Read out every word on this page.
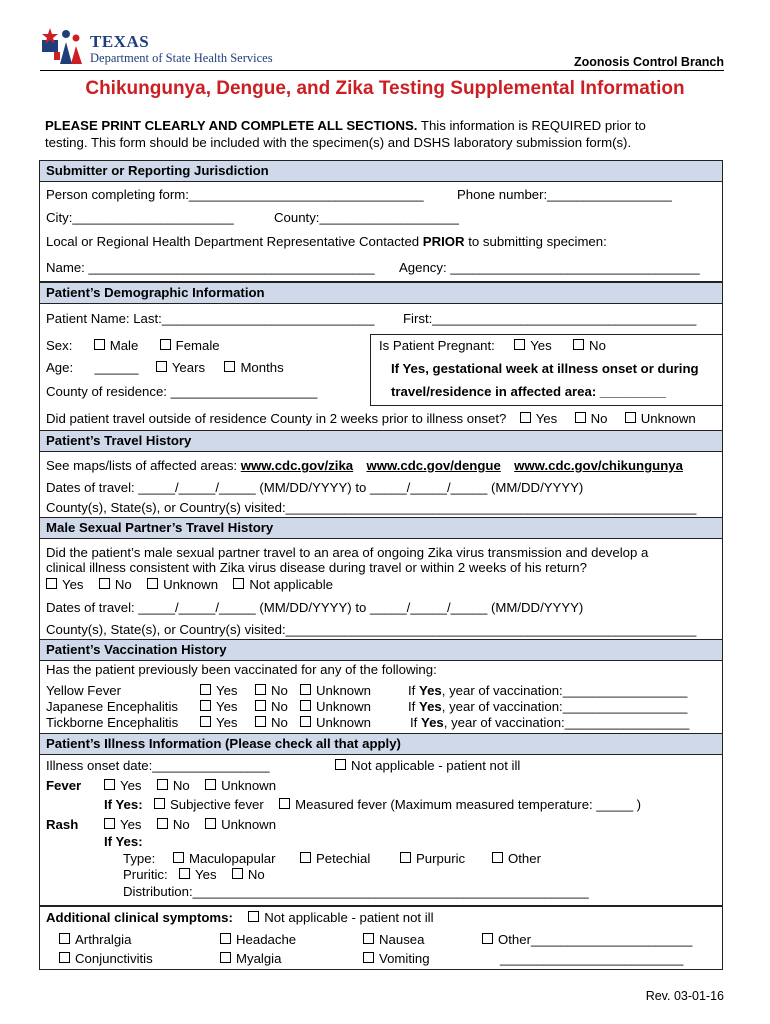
TEXAS
Department of State Health Services	Zoonosis Control Branch
Chikungunya, Dengue, and Zika Testing Supplemental Information
PLEASE PRINT CLEARLY AND COMPLETE ALL SECTIONS. This information is REQUIRED prior to
testing. This form should be included with the specimen(s) and DSHS laboratory submission form(s).
Submitter or Reporting Jurisdiction
Person completing form:________________________________	Phone number:_________________
City:______________________	County:___________________
Local or Regional Health Department Representative Contacted PRIOR to submitting specimen:
Name: _______________________________________ Agency: __________________________________
Patient’s Demographic Information
Patient Name: Last:_____________________________ First:____________________________________
Sex:	Male	Female
Age: ______	Years	Months
County of residence: ____________________
Is Patient Pregnant:	Yes	No
If Yes, gestational week at illness onset or during
travel/residence in affected area: _________
Did patient travel outside of residence County in 2 weeks prior to illness onset? Yes	No	Unknown
Patient’s Travel History
See maps/lists of affected areas: www.cdc.gov/zika www.cdc.gov/dengue www.cdc.gov/chikungunya
Dates of travel: _____/_____/_____ (MM/DD/YYYY) to _____/_____/_____ (MM/DD/YYYY)
County(s), State(s), or Country(s) visited:________________________________________________________
Male Sexual Partner’s Travel History
Did the patient’s male sexual partner travel to an area of ongoing Zika virus transmission and develop a
clinical illness consistent with Zika virus disease during travel or within 2 weeks of his return?
Yes No Unknown Not applicable
Dates of travel: _____/_____/_____ (MM/DD/YYYY) to _____/_____/_____ (MM/DD/YYYY)
County(s), State(s), or Country(s) visited:________________________________________________________
Patient’s Vaccination History
Has the patient previously been vaccinated for any of the following:
Yellow Fever	Yes	No	Unknown	If Yes, year of vaccination:_________________
Japanese Encephalitis	Yes	No	Unknown	If Yes, year of vaccination:_________________
Tickborne Encephalitis	Yes	No	Unknown	If Yes, year of vaccination:_________________
Patient’s Illness Information (Please check all that apply)
Illness onset date:________________	Not applicable - patient not ill
Fever	Yes No Unknown
If Yes: Subjective fever Measured fever (Maximum measured temperature: _____ )
Rash	Yes No Unknown
If Yes:
Type:	Maculopapular	Petechial	Purpuric	Other
Pruritic: Yes No
Distribution:______________________________________________________
Additional clinical symptoms: Not applicable - patient not ill
Arthralgia	Headache	Nausea	Other______________________
Conjunctivitis	Myalgia	Vomiting	_________________________
Rev. 03-01-16
